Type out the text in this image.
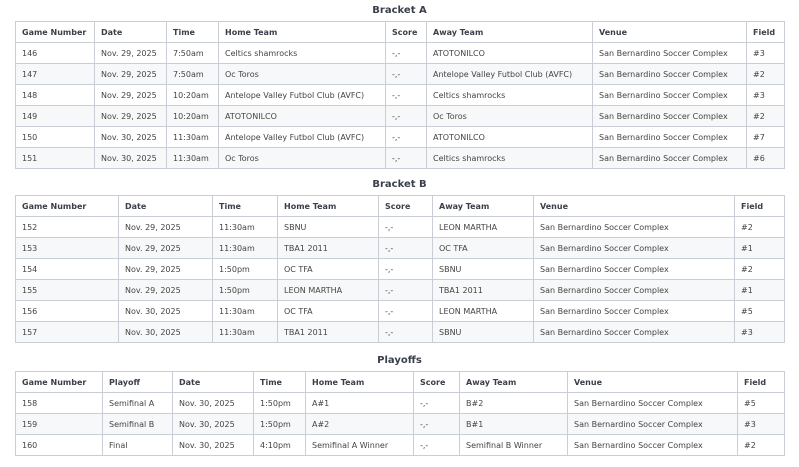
Bracket A
Game Number	Date	Time	Home Team	Score	Away Team	Venue	Field
146	Nov. 29, 2025	7:50am	Celtics shamrocks	-,-	ATOTONILCO	San Bernardino Soccer Complex	#3
147	Nov. 29, 2025	7:50am	Oc Toros	-,-	Antelope Valley Futbol Club (AVFC)	San Bernardino Soccer Complex	#2
148	Nov. 29, 2025	10:20am	Antelope Valley Futbol Club (AVFC)	-,-	Celtics shamrocks	San Bernardino Soccer Complex	#3
149	Nov. 29, 2025	10:20am	ATOTONILCO	-,-	Oc Toros	San Bernardino Soccer Complex	#2
150	Nov. 30, 2025	11:30am	Antelope Valley Futbol Club (AVFC)	-,-	ATOTONILCO	San Bernardino Soccer Complex	#7
151	Nov. 30, 2025	11:30am	Oc Toros	-,-	Celtics shamrocks	San Bernardino Soccer Complex	#6
Bracket B
Game Number	Date	Time	Home Team	Score	Away Team	Venue	Field
152	Nov. 29, 2025	11:30am	SBNU	-,-	LEON MARTHA	San Bernardino Soccer Complex	#2
153	Nov. 29, 2025	11:30am	TBA1 2011	-,-	OC TFA	San Bernardino Soccer Complex	#1
154	Nov. 29, 2025	1:50pm	OC TFA	-,-	SBNU	San Bernardino Soccer Complex	#2
155	Nov. 29, 2025	1:50pm	LEON MARTHA	-,-	TBA1 2011	San Bernardino Soccer Complex	#1
156	Nov. 30, 2025	11:30am	OC TFA	-,-	LEON MARTHA	San Bernardino Soccer Complex	#5
157	Nov. 30, 2025	11:30am	TBA1 2011	-,-	SBNU	San Bernardino Soccer Complex	#3
Playoffs
Game Number	Playoff	Date	Time	Home Team	Score	Away Team	Venue	Field
158	Semifinal A	Nov. 30, 2025	1:50pm	A#1	-,-	B#2	San Bernardino Soccer Complex	#5
159	Semifinal B	Nov. 30, 2025	1:50pm	A#2	-,-	B#1	San Bernardino Soccer Complex	#3
160	Final	Nov. 30, 2025	4:10pm	Semifinal A Winner	-,-	Semifinal B Winner	San Bernardino Soccer Complex	#2
